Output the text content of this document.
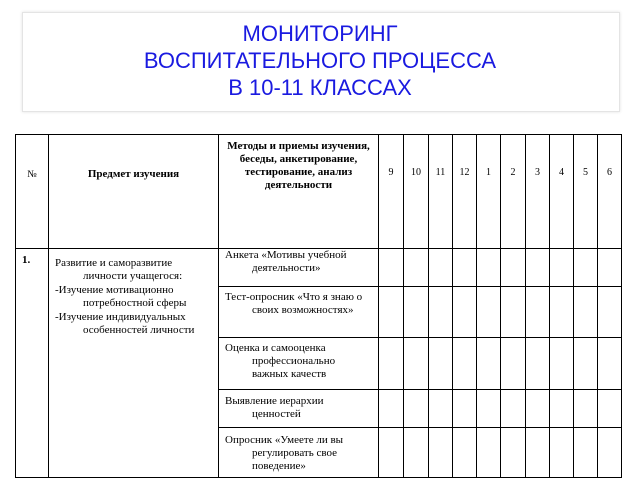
МОНИТОРИНГ
ВОСПИТАТЕЛЬНОГО ПРОЦЕССА
В 10-11 КЛАССАХ
№	Предмет изучения	Методы и приемы изучения, беседы, анкетирование, тестирование, анализ деятельности	9	10	11	12	1	2	3	4	5	6
1.	Развитие и саморазвитие личности учащегося:
-Изучение мотивационно потребностной сферы
-Изучение индивидуальных особенностей личности	Анкета «Мотивы учебной деятельности»										

		Тест-опросник «Что я знаю о своих возможностях»										

		Оценка и самооценка профессионально важных качеств										

		Выявление иерархии ценностей										

		Опросник «Умеете ли вы регулировать свое поведение»										
